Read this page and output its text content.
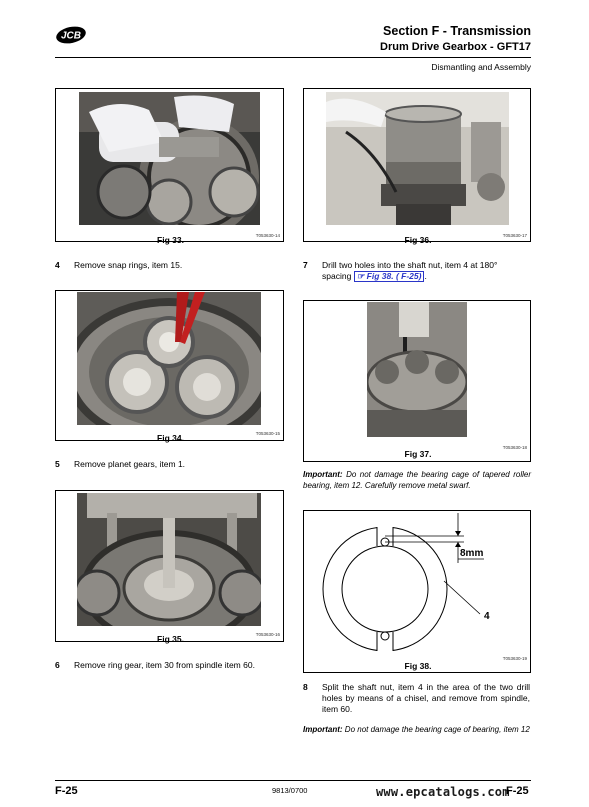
JCB	Section F - Transmission
Drum Drive Gearbox - GFT17
Dismantling and Assembly
Fig 33.	T053630-14
4 Remove snap rings, item 15.
Fig 34.	T053630-15
5 Remove planet gears, item 1.
Fig 35.	T053630-16
6 Remove ring gear, item 30 from spindle item 60.
Fig 36.	T053630-17
7 Drill two holes into the shaft nut, item 4 at 180°
spacing ☞ Fig 38. ( F-25) .
Fig 37.
T053630-18
Important: Do not damage the bearing cage of tapered roller bearing, item 12. Carefully remove metal swarf.
8mm
4
Fig 38.
T053630-19
8 Split the shaft nut, item 4 in the area of the two drill holes by means of a chisel, and remove from spindle, item 60.
Important: Do not damage the bearing cage of bearing, item 12
F-25	9813/0700	www.epcatalogs.com
F-25
